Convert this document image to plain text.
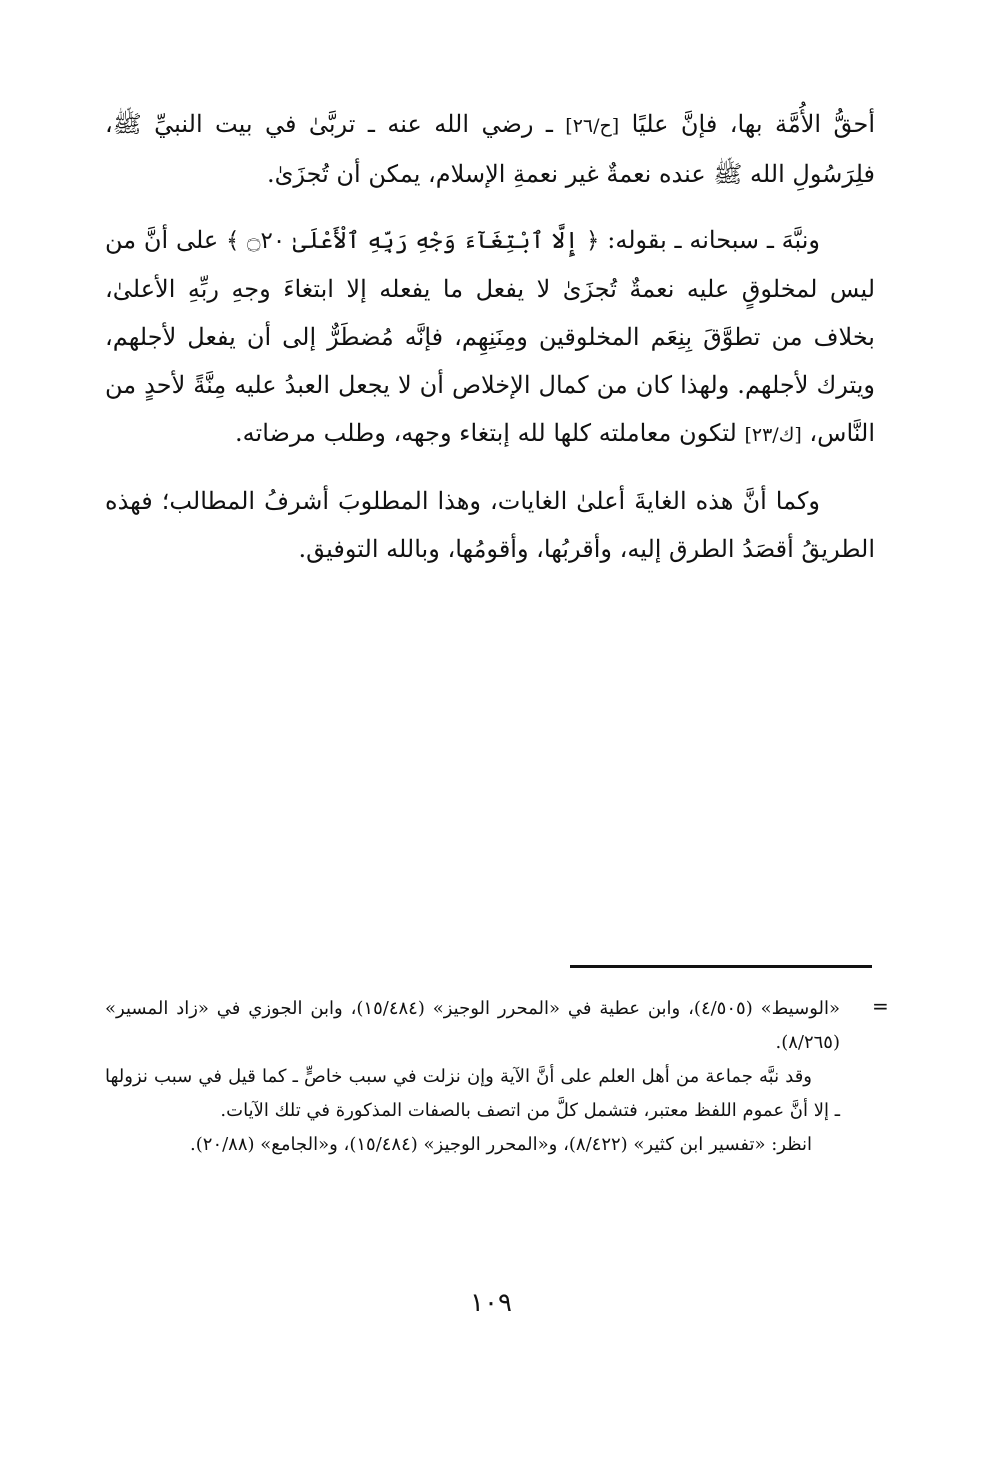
أحقُّ الأُمَّة بها، فإنَّ عليًا [ح/٢٦] ـ رضي الله عنه ـ تربَّىٰ في بيت النبيِّ ﷺ، فلِرَسُولِ الله ﷺ عنده نعمةٌ غير نعمةِ الإسلام، يمكن أن تُجزَىٰ.

ونبَّهَ ـ سبحانه ـ بقوله: ﴿ إِلَّا ٱبْتِغَآءَ وَجْهِ رَبِّهِ ٱلْأَعْلَىٰ ۝٢٠ ﴾ على أنَّ من ليس لمخلوقٍ عليه نعمةٌ تُجزَىٰ لا يفعل ما يفعله إلا ابتغاءَ وجهِ ربِّهِ الأعلىٰ، بخلاف من تطوَّقَ بِنِعَم المخلوقين ومِنَنِهِم، فإنَّه مُضطَرٌّ إلى أن يفعل لأجلهم، ويترك لأجلهم. ولهذا كان من كمال الإخلاص أن لا يجعل العبدُ عليه مِنَّةً لأحدٍ من النَّاس، [ك/٢٣] لتكون معاملته كلها لله إبتغاء وجهه، وطلب مرضاته.

وكما أنَّ هذه الغايةَ أعلىٰ الغايات، وهذا المطلوبَ أشرفُ المطالب؛ فهذه الطريقُ أقصَدُ الطرق إليه، وأقربُها، وأقومُها، وبالله التوفيق.

=

«الوسيط» (٤/٥٠٥)، وابن عطية في «المحرر الوجيز» (١٥/٤٨٤)، وابن الجوزي في «زاد المسير» (٨/٢٦٥).

وقد نبَّه جماعة من أهل العلم على أنَّ الآية وإن نزلت في سبب خاصٍّ ـ كما قيل في سبب نزولها ـ إلا أنَّ عموم اللفظ معتبر، فتشمل كلَّ من اتصف بالصفات المذكورة في تلك الآيات.

انظر: «تفسير ابن كثير» (٨/٤٢٢)، و«المحرر الوجيز» (١٥/٤٨٤)، و«الجامع» (٢٠/٨٨).

١٠٩
